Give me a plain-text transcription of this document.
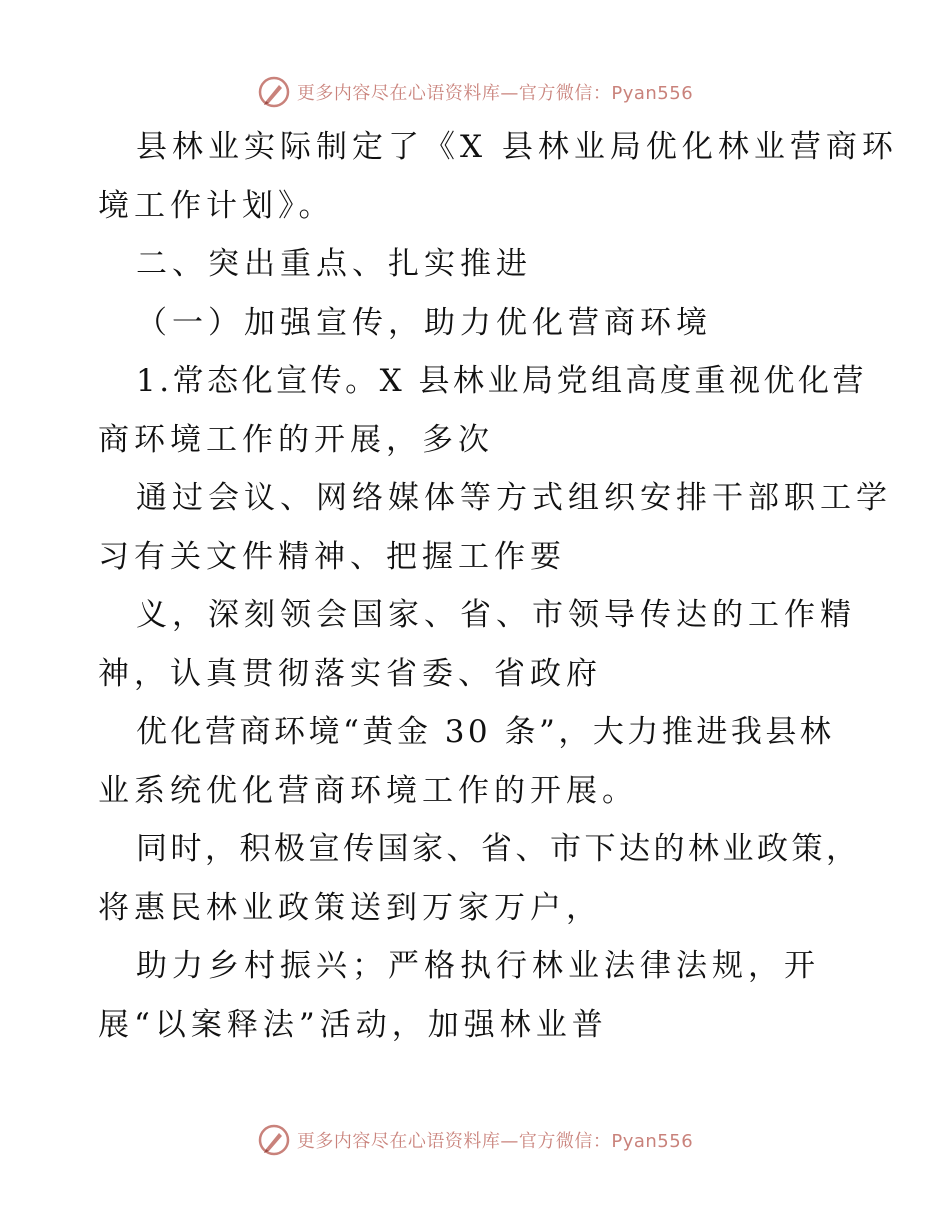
更多内容尽在心语资料库—官方微信：Pyan556
县林业实际制定了《X 县林业局优化林业营商环
境工作计划》。
二、突出重点、扎实推进
（一）加强宣传，助力优化营商环境
1.常态化宣传。X 县林业局党组高度重视优化营
商环境工作的开展，多次
通过会议、网络媒体等方式组织安排干部职工学
习有关文件精神、把握工作要
义，深刻领会国家、省、市领导传达的工作精
神，认真贯彻落实省委、省政府
优化营商环境“黄金 30 条”，大力推进我县林
业系统优化营商环境工作的开展。
同时，积极宣传国家、省、市下达的林业政策，
将惠民林业政策送到万家万户，
助力乡村振兴；严格执行林业法律法规，开
展“以案释法”活动，加强林业普
更多内容尽在心语资料库—官方微信：Pyan556
